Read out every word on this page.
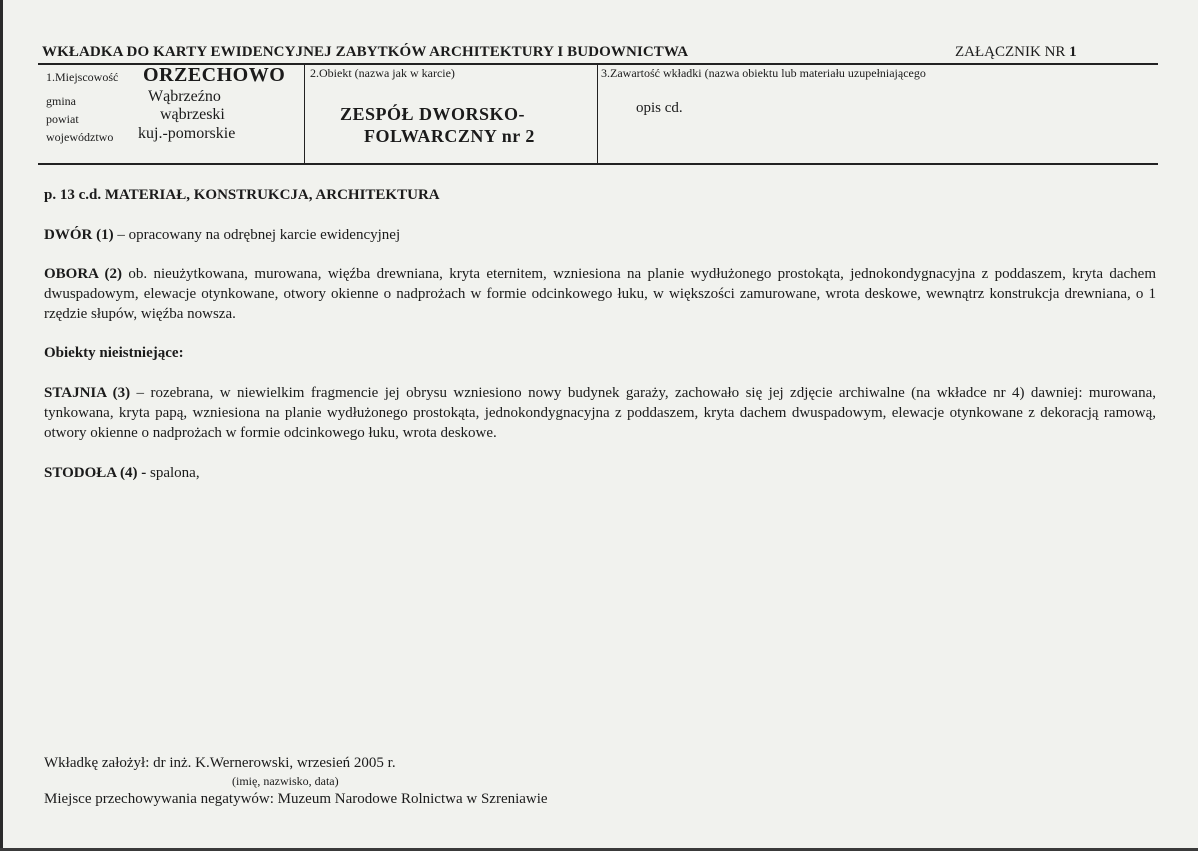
WKŁADKA DO KARTY EWIDENCYJNEJ ZABYTKÓW ARCHITEKTURY I BUDOWNICTWA	ZAŁĄCZNIK NR 1
1.Miejscowość ORZECHOWO
gmina	Wąbrzeźno
powiat	wąbrzeski
województwo kuj.-pomorskie
2.Obiekt (nazwa jak w karcie)
ZESPÓŁ DWORSKO-
FOLWARCZNY nr 2
3.Zawartość wkładki (nazwa obiektu lub materiału uzupełniającego
opis cd.
p. 13 c.d. MATERIAŁ, KONSTRUKCJA, ARCHITEKTURA
DWÓR (1) – opracowany na odrębnej karcie ewidencyjnej
OBORA (2) ob. nieużytkowana, murowana, więźba drewniana, kryta eternitem, wzniesiona na planie wydłużonego prostokąta, jednokondygnacyjna z poddaszem, kryta dachem dwuspadowym, elewacje otynkowane, otwory okienne o nadprożach w formie odcinkowego łuku, w większości zamurowane, wrota deskowe, wewnątrz konstrukcja drewniana, o 1 rzędzie słupów, więźba nowsza.
Obiekty nieistniejące:
STAJNIA (3) – rozebrana, w niewielkim fragmencie jej obrysu wzniesiono nowy budynek garaży, zachowało się jej zdjęcie archiwalne (na wkładce nr 4) dawniej: murowana, tynkowana, kryta papą, wzniesiona na planie wydłużonego prostokąta, jednokondygnacyjna z poddaszem, kryta dachem dwuspadowym, elewacje otynkowane z dekoracją ramową, otwory okienne o nadprożach w formie odcinkowego łuku, wrota deskowe.
STODOŁA (4) - spalona,
Wkładkę założył: dr inż. K.Wernerowski, wrzesień 2005 r.
(imię, nazwisko, data)
Miejsce przechowywania negatywów: Muzeum Narodowe Rolnictwa w Szreniawie
